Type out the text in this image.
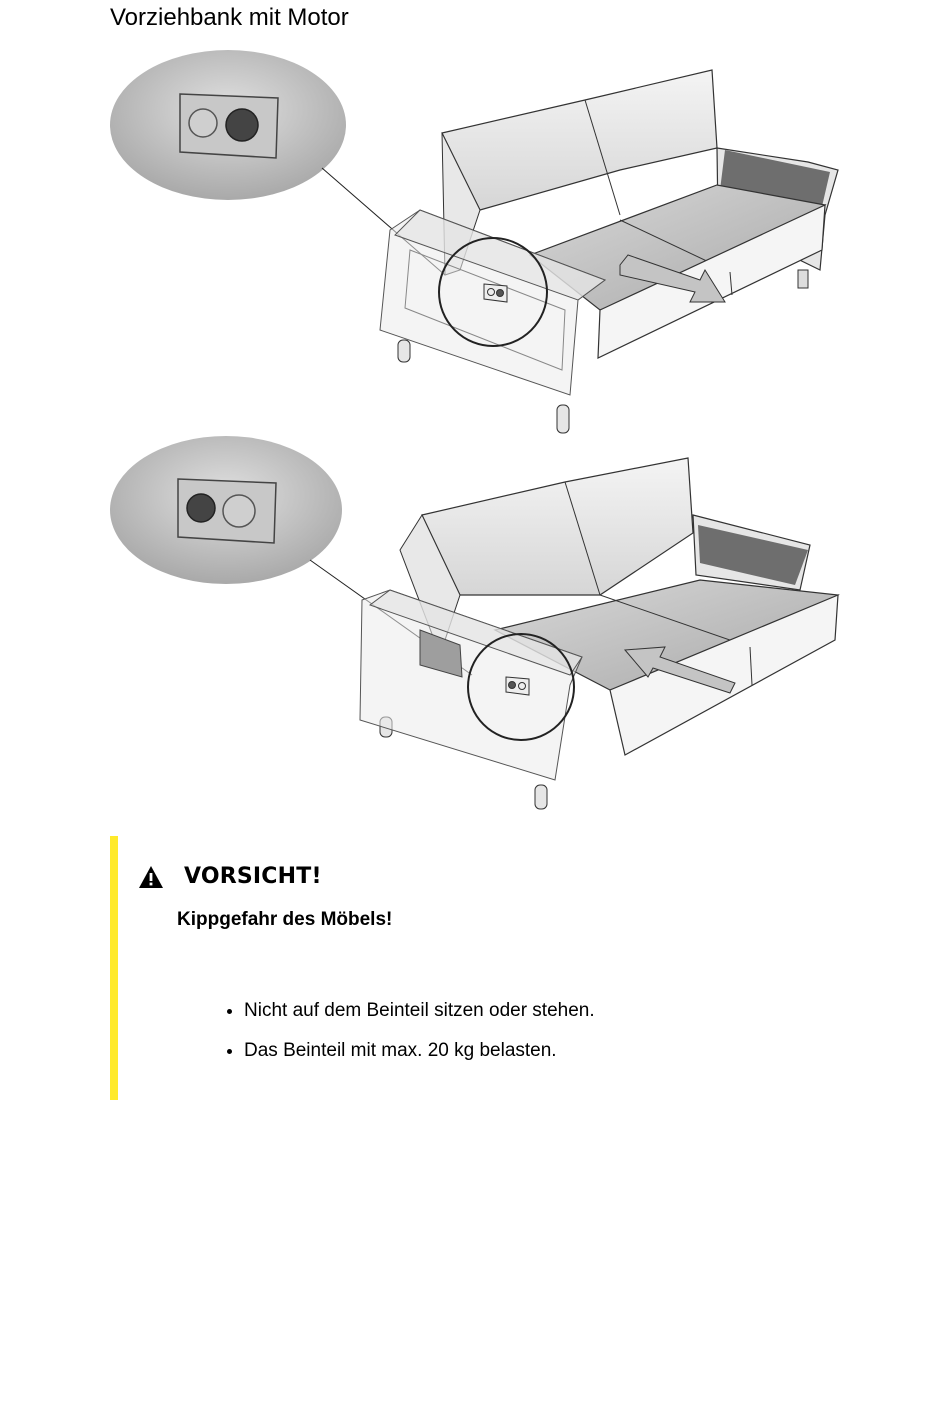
Vorziehbank mit Motor
VORSICHT!
Kippgefahr des Möbels!
• Nicht auf dem Beinteil sitzen oder stehen.
• Das Beinteil mit max. 20 kg belasten.
